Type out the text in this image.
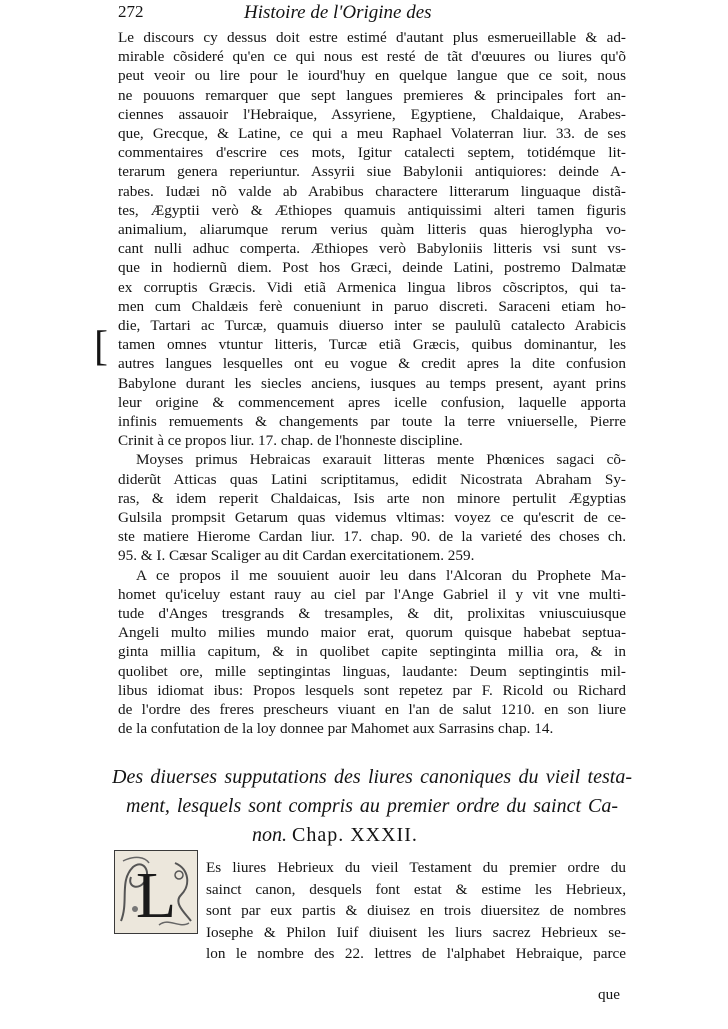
272	Histoire de l'Origine des
Le discours cy dessus doit estre estimé d'autant plus esmerueillable & ad-
mirable cõsideré qu'en ce qui nous est resté de tãt d'œuures ou liures qu'õ
peut veoir ou lire pour le iourd'huy en quelque langue que ce soit, nous
ne pouuons remarquer que sept langues premieres & principales fort an-
ciennes assauoir l'Hebraique, Assyriene, Egyptiene, Chaldaique, Arabes-
que, Grecque, & Latine, ce qui a meu Raphael Volaterran liur. 33. de ses
commentaires d'escrire ces mots, Igitur catalecti septem, totidémque lit-
terarum genera reperiuntur. Assyrii siue Babylonii antiquiores: deinde A-
rabes. Iudæi nõ valde ab Arabibus charactere litterarum linguaque distã-
tes, Ægyptii verò & Æthiopes quamuis antiquissimi alteri tamen figuris
animalium, aliarumque rerum verius quàm litteris quas hieroglypha vo-
cant nulli adhuc comperta. Æthiopes verò Babyloniis litteris vsi sunt vs-
que in hodiernũ diem. Post hos Græci, deinde Latini, postremo Dalmatæ
ex corruptis Græcis. Vidi etiã Armenica lingua libros cõscriptos, qui ta-
men cum Chaldæis ferè conueniunt in paruo discreti. Saraceni etiam ho-
die, Tartari ac Turcæ, quamuis diuerso inter se paululũ catalecto Arabicis
tamen omnes vtuntur litteris, Turcæ etiã Græcis, quibus dominantur, les
autres langues lesquelles ont eu vogue & credit apres la dite confusion
Babylone durant les siecles anciens, iusques au temps present, ayant prins
leur origine & commencement apres icelle confusion, laquelle apporta
infinis remuements & changements par toute la terre vniuerselle, Pierre
Crinit à ce propos liur. 17. chap. de l'honneste discipline.
Moyses primus Hebraicas exarauit litteras mente Phœnices sagaci cõ-
diderũt Atticas quas Latini scriptitamus, edidit Nicostrata Abraham Sy-
ras, & idem reperit Chaldaicas, Isis arte non minore pertulit Ægyptias
Gulsila prompsit Getarum quas videmus vltimas: voyez ce qu'escrit de ce-
ste matiere Hierome Cardan liur. 17. chap. 90. de la varieté des choses ch.
95. & I. Cæsar Scaliger au dit Cardan exercitationem. 259.
A ce propos il me souuient auoir leu dans l'Alcoran du Prophete Ma-
homet qu'iceluy estant rauy au ciel par l'Ange Gabriel il y vit vne multi-
tude d'Anges tresgrands & tresamples, & dit, prolixitas vniuscuiusque
Angeli multo milies mundo maior erat, quorum quisque habebat septua-
ginta millia capitum, & in quolibet capite septinginta millia ora, & in
quolibet ore, mille septingintas linguas, laudante: Deum septingintis mil-
libus idiomat ibus: Propos lesquels sont repetez par F. Ricold ou Richard
de l'ordre des freres prescheurs viuant en l'an de salut 1210. en son liure
de la confutation de la loy donnee par Mahomet aux Sarrasins chap. 14.
[
Des diuerses supputations des liures canoniques du vieil testa-
ment, lesquels sont compris au premier ordre du sainct Ca-
non. Chap. XXXII.
L Es liures Hebrieux du vieil Testament du premier ordre du
sainct canon, desquels font estat & estime les Hebrieux,
sont par eux partis & diuisez en trois diuersitez de nombres
Iosephe & Philon Iuif diuisent les liurs sacrez Hebrieux se-
lon le nombre des 22. lettres de l'alphabet Hebraique, parce
que
